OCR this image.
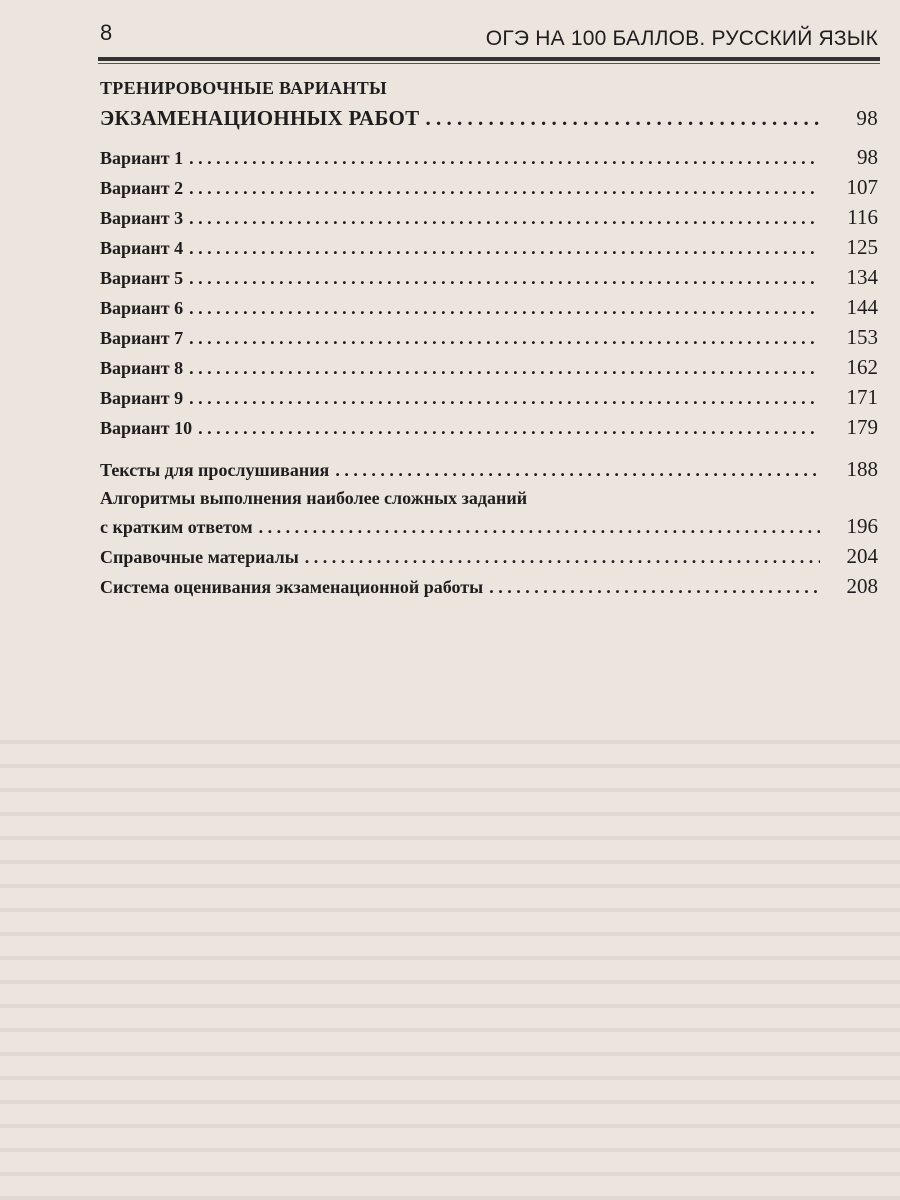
8	ОГЭ НА 100 БАЛЛОВ. РУССКИЙ ЯЗЫК
ТРЕНИРОВОЧНЫЕ ВАРИАНТЫ
ЭКЗАМЕНАЦИОННЫХ РАБОТ . . .	98
Вариант 1 . . .	98
Вариант 2 . . .	107
Вариант 3 . . .	116
Вариант 4 . . .	125
Вариант 5 . . .	134
Вариант 6 . . .	144
Вариант 7 . . .	153
Вариант 8 . . .	162
Вариант 9 . . .	171
Вариант 10 . . .	179
Тексты для прослушивания . . .	188
Алгоритмы выполнения наиболее сложных заданий
с кратким ответом . . .	196
Справочные материалы . . .	204
Система оценивания экзаменационной работы . . .	208
